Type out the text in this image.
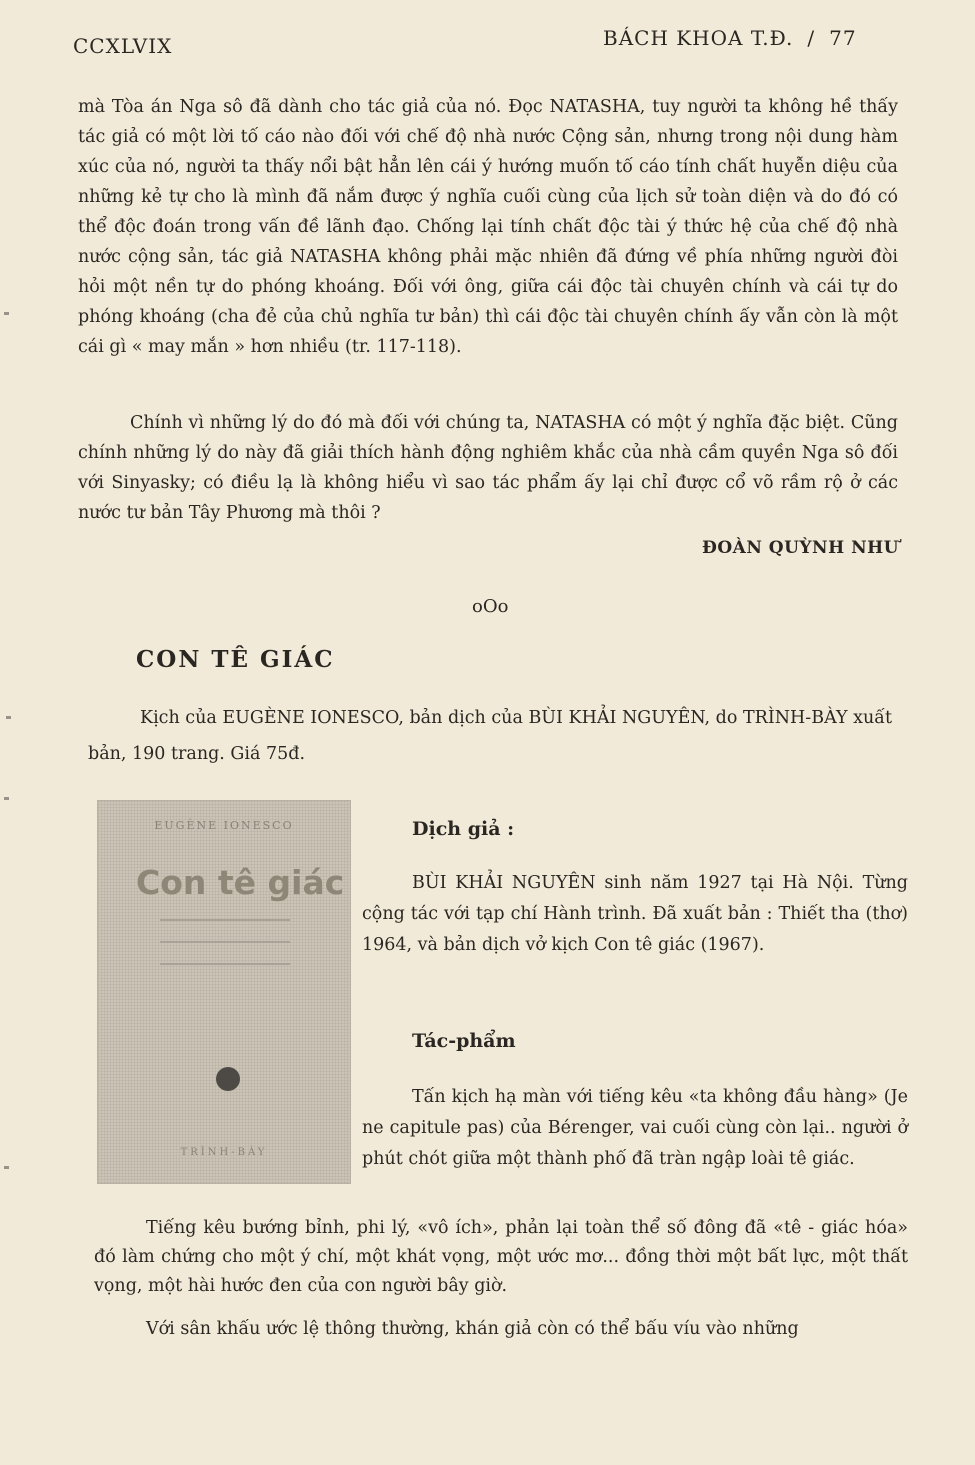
CCXLVIX	BÁCH KHOA T.Đ. / 77

mà Tòa án Nga sô đã dành cho tác giả của nó. Đọc NATASHA, tuy người ta không hề thấy tác giả có một lời tố cáo nào đối với chế độ nhà nước Cộng sản, nhưng trong nội dung hàm xúc của nó, người ta thấy nổi bật hẳn lên cái ý hướng muốn tố cáo tính chất huyễn diệu của những kẻ tự cho là mình đã nắm được ý nghĩa cuối cùng của lịch sử toàn diện và do đó có thể độc đoán trong vấn đề lãnh đạo. Chống lại tính chất độc tài ý thức hệ của chế độ nhà nước cộng sản, tác giả NATASHA không phải mặc nhiên đã đứng về phía những người đòi hỏi một nền tự do phóng khoáng. Đối với ông, giữa cái độc tài chuyên chính và cái tự do phóng khoáng (cha đẻ của chủ nghĩa tư bản) thì cái độc tài chuyên chính ấy vẫn còn là một cái gì « may mắn » hơn nhiều (tr. 117-118).

Chính vì những lý do đó mà đối với chúng ta, NATASHA có một ý nghĩa đặc biệt. Cũng chính những lý do này đã giải thích hành động nghiêm khắc của nhà cầm quyền Nga sô đối với Sinyasky; có điều lạ là không hiểu vì sao tác phẩm ấy lại chỉ được cổ võ rầm rộ ở các nước tư bản Tây Phương mà thôi ?

ĐOÀN QUỲNH NHƯ
oOo
CON TÊ GIÁC
Kịch của EUGÈNE IONESCO, bản dịch của BÙI KHẢI NGUYÊN, do TRÌNH-BÀY xuất bản, 190 trang. Giá 75đ.
EUGÈNE IONESCO
Con tê giác
TRÌNH-BÀY
Dịch giả :
BÙI KHẢI NGUYÊN sinh năm 1927 tại Hà Nội. Từng cộng tác với tạp chí Hành trình. Đã xuất bản : Thiết tha (thơ) 1964, và bản dịch vở kịch Con tê giác (1967).
Tác-phẩm
Tấn kịch hạ màn với tiếng kêu «ta không đầu hàng» (Je ne capitule pas) của Bérenger, vai cuối cùng còn lại.. người ở phút chót giữa một thành phố đã tràn ngập loài tê giác.
Tiếng kêu bướng bỉnh, phi lý, «vô ích», phản lại toàn thể số đông đã «tê - giác hóa» đó làm chứng cho một ý chí, một khát vọng, một ước mơ... đồng thời một bất lực, một thất vọng, một hài hước đen của con người bây giờ.
Với sân khấu ước lệ thông thường, khán giả còn có thể bấu víu vào những
